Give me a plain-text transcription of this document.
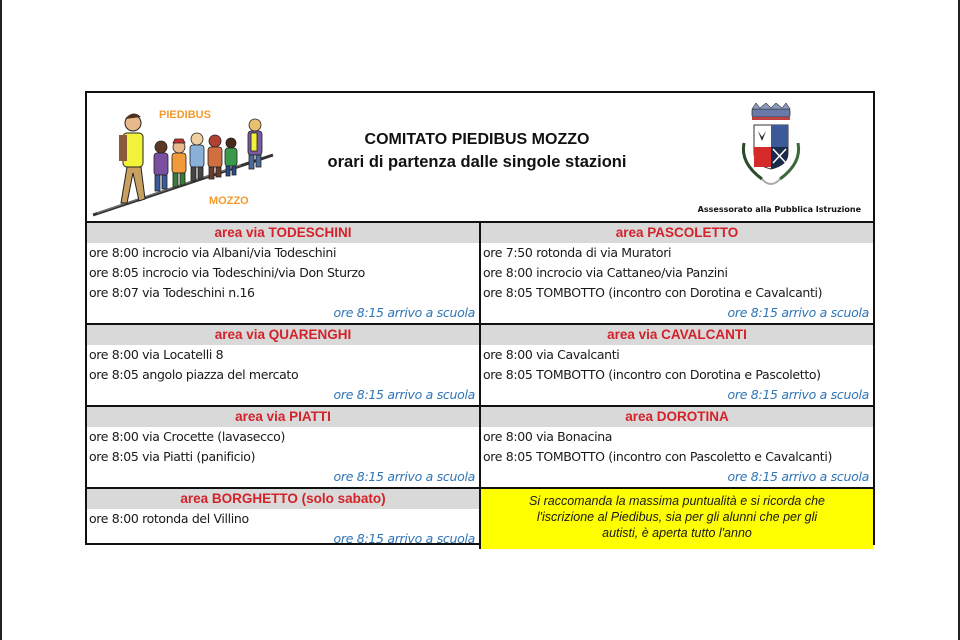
PIEDIBUS
MOZZO
COMITATO PIEDIBUS MOZZO
orari di partenza dalle singole stazioni
Assessorato alla Pubblica Istruzione
area via TODESCHINI
ore 8:00 incrocio via Albani/via Todeschini
ore 8:05 incrocio via Todeschini/via Don Sturzo
ore 8:07 via Todeschini n.16
ore 8:15 arrivo a scuola
area PASCOLETTO
ore 7:50 rotonda di via Muratori
ore 8:00 incrocio via Cattaneo/via Panzini
ore 8:05 TOMBOTTO (incontro con Dorotina e Cavalcanti)
ore 8:15 arrivo a scuola
area via QUARENGHI
ore 8:00 via Locatelli 8
ore 8:05 angolo piazza del mercato
ore 8:15 arrivo a scuola
area via CAVALCANTI
ore 8:00 via Cavalcanti
ore 8:05 TOMBOTTO (incontro con Dorotina e Pascoletto)
ore 8:15 arrivo a scuola
area via PIATTI
ore 8:00 via Crocette (lavasecco)
ore 8:05 via Piatti (panificio)
ore 8:15 arrivo a scuola
area DOROTINA
ore 8:00 via Bonacina
ore 8:05 TOMBOTTO (incontro con Pascoletto e Cavalcanti)
ore 8:15 arrivo a scuola
area BORGHETTO (solo sabato)
ore 8:00 rotonda del Villino
ore 8:15 arrivo a scuola
Si raccomanda la massima puntualità e si ricorda che
l'iscrizione al Piedibus, sia per gli alunni che per gli
autisti, è aperta tutto l'anno
